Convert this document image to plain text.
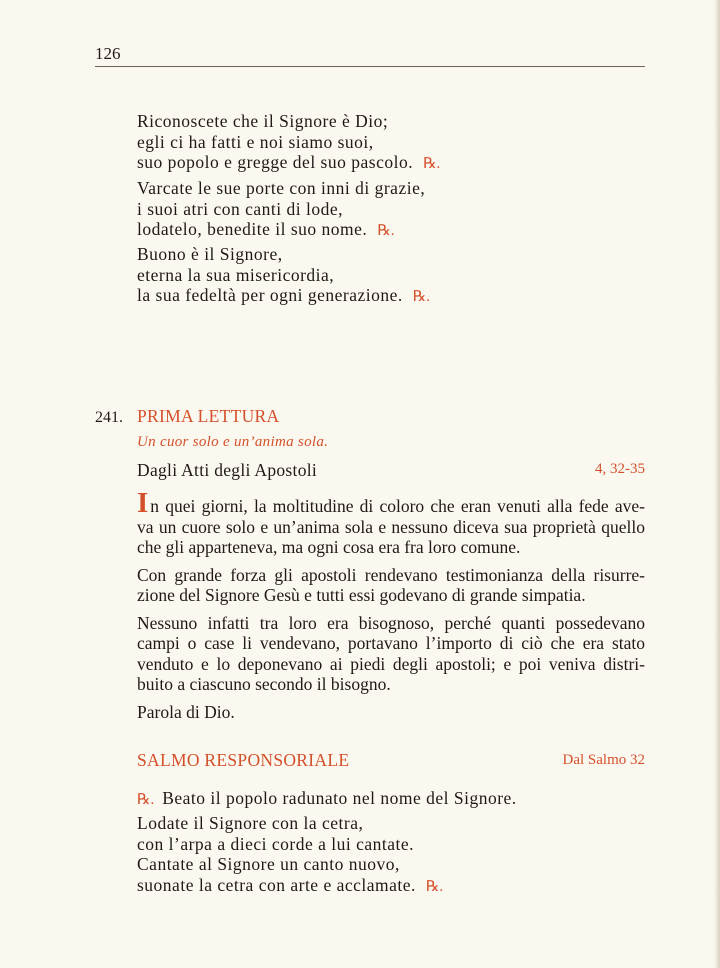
126
Riconoscete che il Signore è Dio;
egli ci ha fatti e noi siamo suoi,
suo popolo e gregge del suo pascolo. ℞.
Varcate le sue porte con inni di grazie,
i suoi atri con canti di lode,
lodatelo, benedite il suo nome. ℞.
Buono è il Signore,
eterna la sua misericordia,
la sua fedeltà per ogni generazione. ℞.
241. PRIMA LETTURA
Un cuor solo e un’anima sola.
Dagli Atti degli Apostoli	4, 32-35

In quei giorni, la moltitudine di coloro che eran venuti alla fede ave-
va un cuore solo e un’anima sola e nessuno diceva sua proprietà quello
che gli apparteneva, ma ogni cosa era fra loro comune.

Con grande forza gli apostoli rendevano testimonianza della risurre-
zione del Signore Gesù e tutti essi godevano di grande simpatia.

Nessuno infatti tra loro era bisognoso, perché quanti possedevano
campi o case li vendevano, portavano l’importo di ciò che era stato
venduto e lo deponevano ai piedi degli apostoli; e poi veniva distri-
buito a ciascuno secondo il bisogno.

Parola di Dio.

SALMO RESPONSORIALE	Dal Salmo 32
℞. Beato il popolo radunato nel nome del Signore.
Lodate il Signore con la cetra,
con l’arpa a dieci corde a lui cantate.
Cantate al Signore un canto nuovo,
suonate la cetra con arte e acclamate. ℞.
